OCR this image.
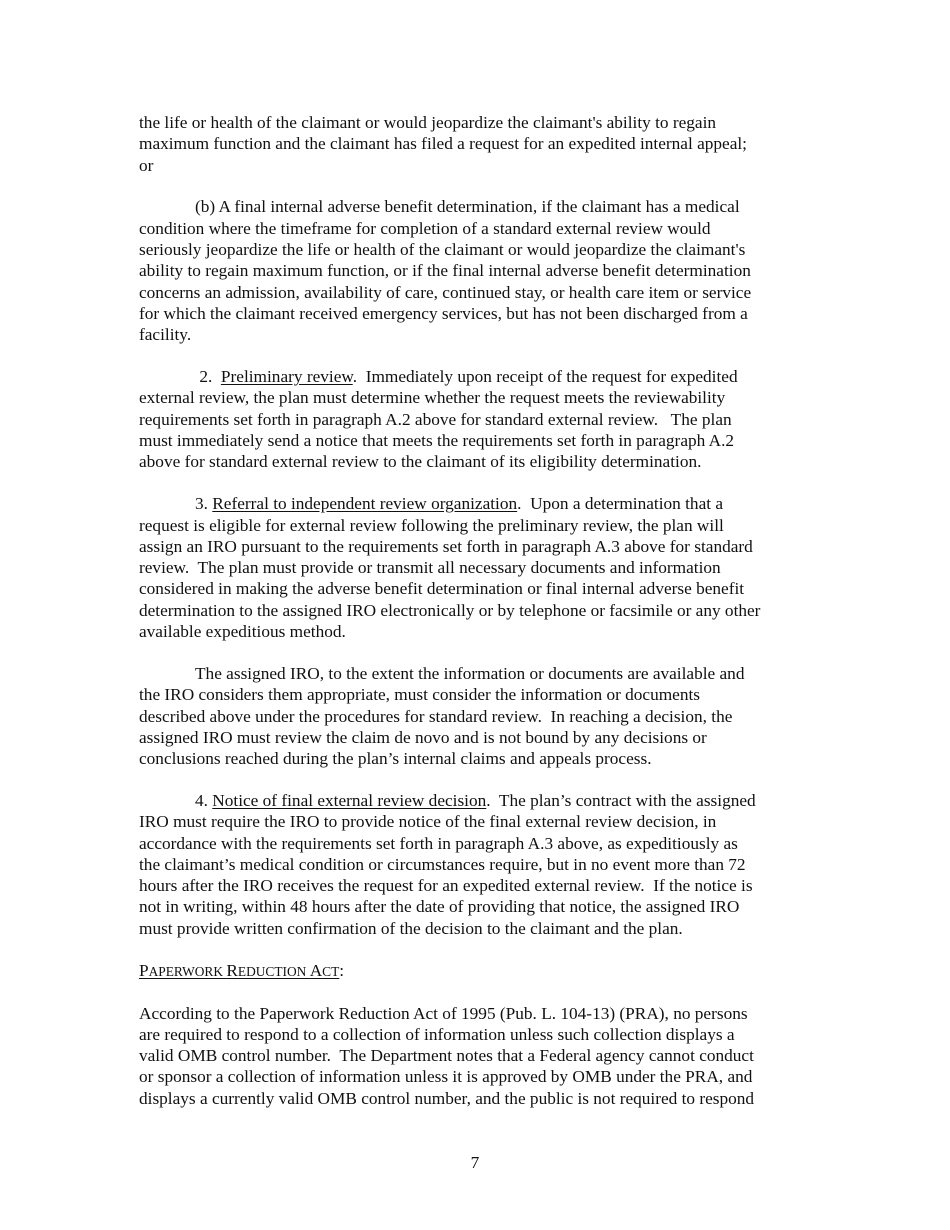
the life or health of the claimant or would jeopardize the claimant's ability to regain
maximum function and the claimant has filed a request for an expedited internal appeal;
or

(b) A final internal adverse benefit determination, if the claimant has a medical
condition where the timeframe for completion of a standard external review would
seriously jeopardize the life or health of the claimant or would jeopardize the claimant's
ability to regain maximum function, or if the final internal adverse benefit determination
concerns an admission, availability of care, continued stay, or health care item or service
for which the claimant received emergency services, but has not been discharged from a
facility.

2.  Preliminary review.  Immediately upon receipt of the request for expedited
external review, the plan must determine whether the request meets the reviewability
requirements set forth in paragraph A.2 above for standard external review.   The plan
must immediately send a notice that meets the requirements set forth in paragraph A.2
above for standard external review to the claimant of its eligibility determination.

3. Referral to independent review organization.  Upon a determination that a
request is eligible for external review following the preliminary review, the plan will
assign an IRO pursuant to the requirements set forth in paragraph A.3 above for standard
review.  The plan must provide or transmit all necessary documents and information
considered in making the adverse benefit determination or final internal adverse benefit
determination to the assigned IRO electronically or by telephone or facsimile or any other
available expeditious method.

The assigned IRO, to the extent the information or documents are available and
the IRO considers them appropriate, must consider the information or documents
described above under the procedures for standard review.  In reaching a decision, the
assigned IRO must review the claim de novo and is not bound by any decisions or
conclusions reached during the plan’s internal claims and appeals process.

4. Notice of final external review decision.  The plan’s contract with the assigned
IRO must require the IRO to provide notice of the final external review decision, in
accordance with the requirements set forth in paragraph A.3 above, as expeditiously as
the claimant’s medical condition or circumstances require, but in no event more than 72
hours after the IRO receives the request for an expedited external review.  If the notice is
not in writing, within 48 hours after the date of providing that notice, the assigned IRO
must provide written confirmation of the decision to the claimant and the plan.

PAPERWORK REDUCTION ACT:

According to the Paperwork Reduction Act of 1995 (Pub. L. 104-13) (PRA), no persons
are required to respond to a collection of information unless such collection displays a
valid OMB control number.  The Department notes that a Federal agency cannot conduct
or sponsor a collection of information unless it is approved by OMB under the PRA, and
displays a currently valid OMB control number, and the public is not required to respond

7
